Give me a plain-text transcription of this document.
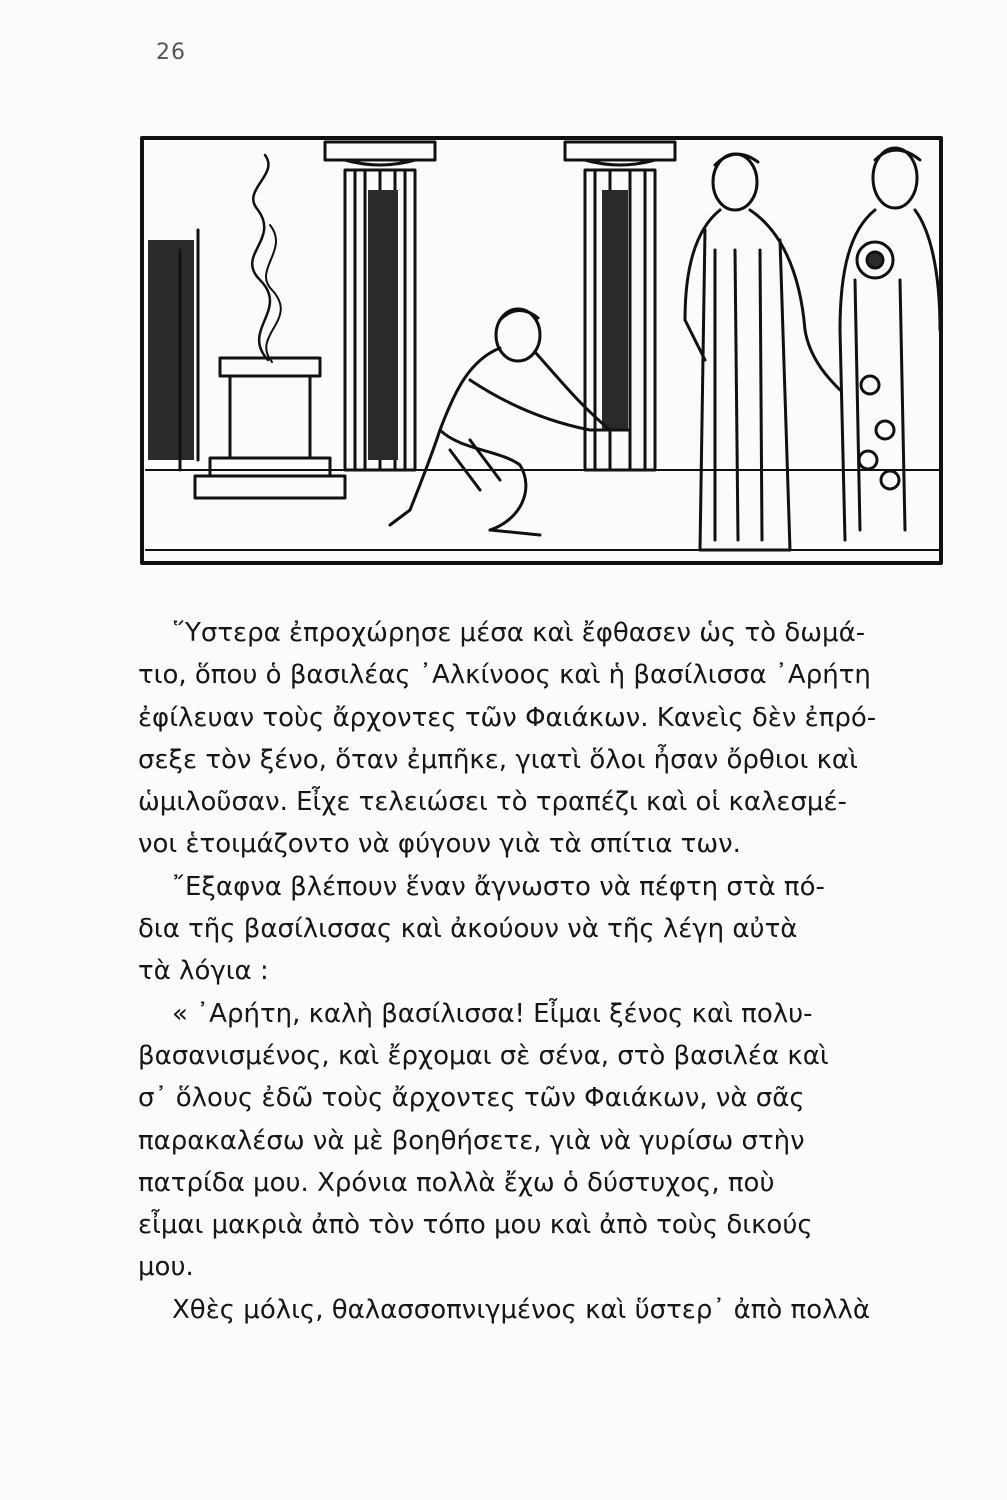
26
῞Υστερα ἐπροχώρησε μέσα καὶ ἔφθασεν ὡς τὸ δωμά-
τιο, ὅπου ὁ βασιλέας ᾿Αλκίνοος καὶ ἡ βασίλισσα ᾿Αρήτη
ἐφίλευαν τοὺς ἄρχοντες τῶν Φαιάκων. Κανεὶς δὲν ἐπρό-
σεξε τὸν ξένο, ὅταν ἐμπῆκε, γιατὶ ὅλοι ἦσαν ὄρθιοι καὶ
ὡμιλοῦσαν. Εἶχε τελειώσει τὸ τραπέζι καὶ οἱ καλεσμέ-
νοι ἑτοιμάζοντο νὰ φύγουν γιὰ τὰ σπίτια των.
῎Εξαφνα βλέπουν ἕναν ἄγνωστο νὰ πέφτη στὰ πό-
δια τῆς βασίλισσας καὶ ἀκούουν νὰ τῆς λέγη αὐτὰ
τὰ λόγια :
« ᾿Αρήτη, καλὴ βασίλισσα! Εἶμαι ξένος καὶ πολυ-
βασανισμένος, καὶ ἔρχομαι σὲ σένα, στὸ βασιλέα καὶ
σ᾿ ὅλους ἐδῶ τοὺς ἄρχοντες τῶν Φαιάκων, νὰ σᾶς
παρακαλέσω νὰ μὲ βοηθήσετε, γιὰ νὰ γυρίσω στὴν
πατρίδα μου. Χρόνια πολλὰ ἔχω ὁ δύστυχος, ποὺ
εἶμαι μακριὰ ἀπὸ τὸν τόπο μου καὶ ἀπὸ τοὺς δικούς
μου.
Χθὲς μόλις, θαλασσοπνιγμένος καὶ ὕστερ᾿ ἀπὸ πολλὰ
